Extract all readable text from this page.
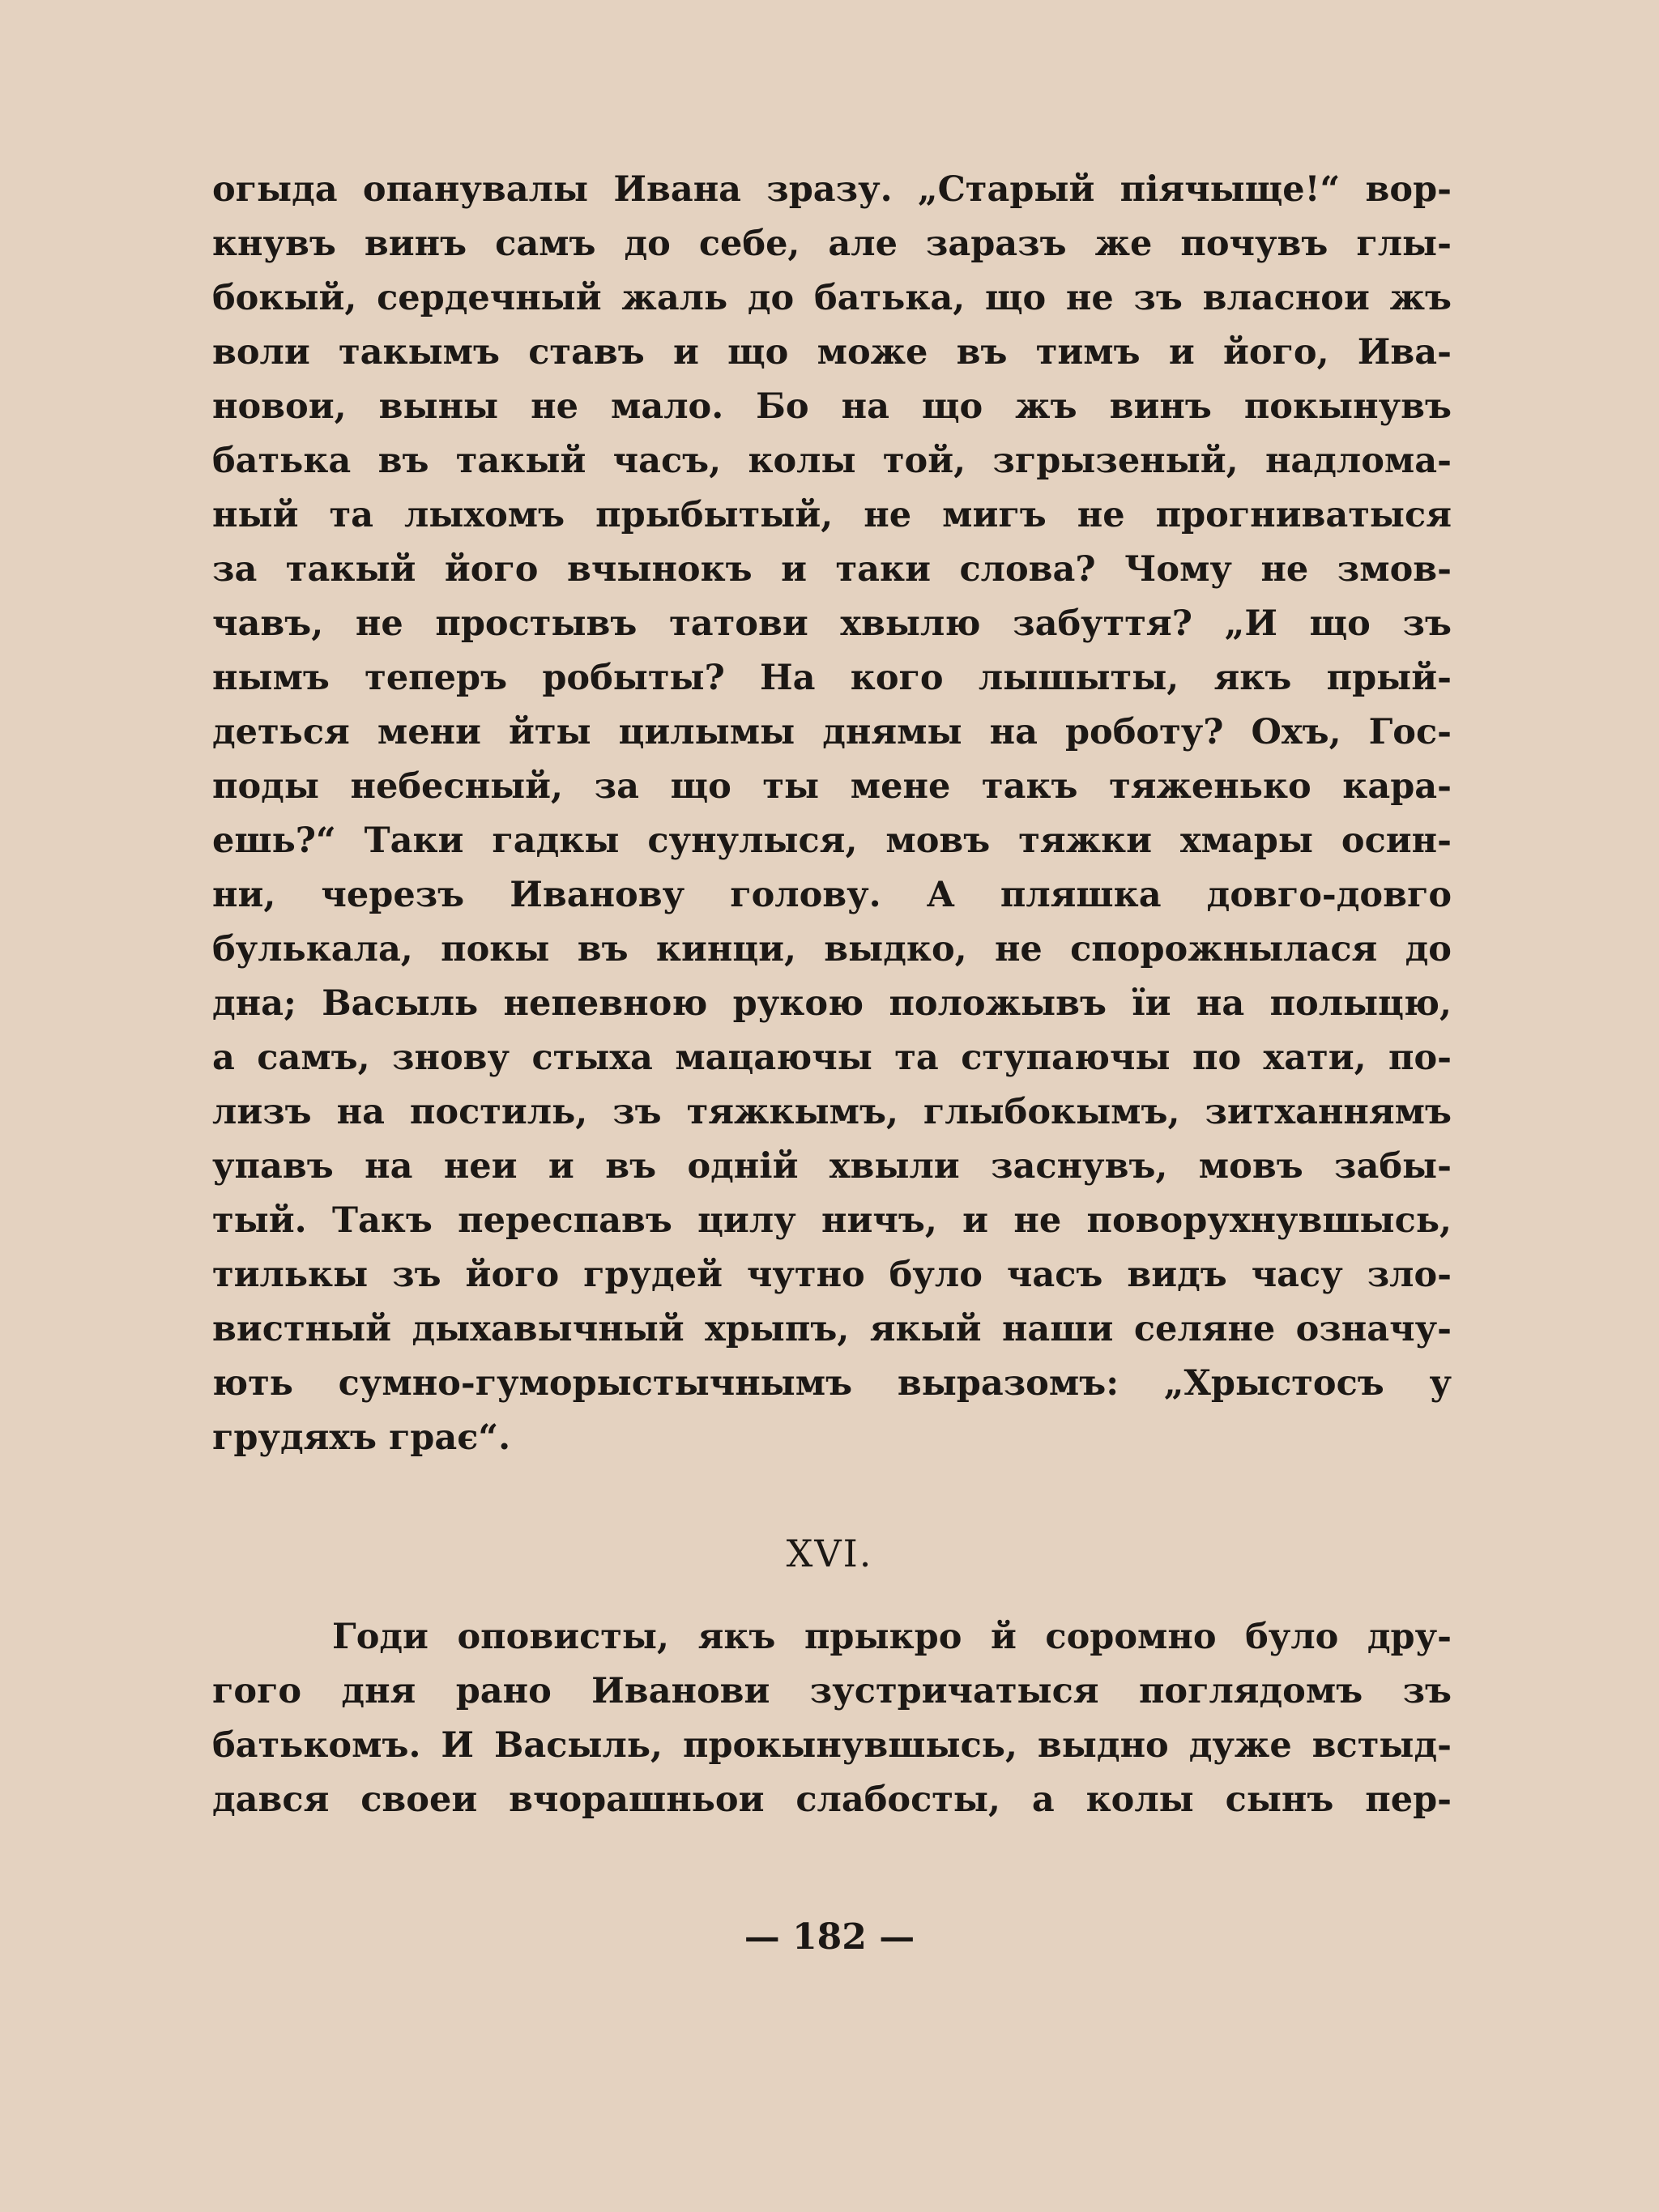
огыда опанувалы Ивана зразу. „Старый піячыще!“ вор-
кнувъ винъ самъ до себе, але заразъ же почувъ глы-
бокый, сердечный жаль до батька, що не зъ власнои жъ
воли такымъ ставъ и що може въ тимъ и його, Ива-
новои, выны не мало. Бо на що жъ винъ покынувъ
батька въ такый часъ, колы той, згрызеный, надлома-
ный та лыхомъ прыбытый, не мигъ не прогниватыся
за такый його вчынокъ и таки слова? Чому не змов-
чавъ, не простывъ татови хвылю забуття? „И що зъ
нымъ теперъ робыты? На кого лышыты, якъ прый-
деться мени йты цилымы днямы на роботу? Охъ, Гос-
поды небесный, за що ты мене такъ тяженько кара-
ешь?“ Таки гадкы сунулыся, мовъ тяжки хмары осин-
ни, черезъ Иванову голову. А пляшка довго-довго
булькала, покы въ кинци, выдко, не спорожнылася до
дна; Васыль непевною рукою положывъ ïи на полыцю,
а самъ, знову стыха мацаючы та ступаючы по хати, по-
лизъ на постиль, зъ тяжкымъ, глыбокымъ, зитханнямъ
упавъ на неи и въ одній хвыли заснувъ, мовъ забы-
тый. Такъ переспавъ цилу ничъ, и не поворухнувшысь,
тилькы зъ його грудей чутно було часъ видъ часу зло-
вистный дыхавычный хрыпъ, якый наши селяне означу-
ють сумно-гуморыстычнымъ выразомъ: „Хрыстосъ у
грудяхъ грає“.
XVI.
Годи оповисты, якъ прыкро й соромно було дру-
гого дня рано Иванови зустричатыся поглядомъ зъ
батькомъ. И Васыль, прокынувшысь, выдно дуже встыд-
дався своеи вчорашньои слабосты, а колы сынъ пер-
— 182 —
